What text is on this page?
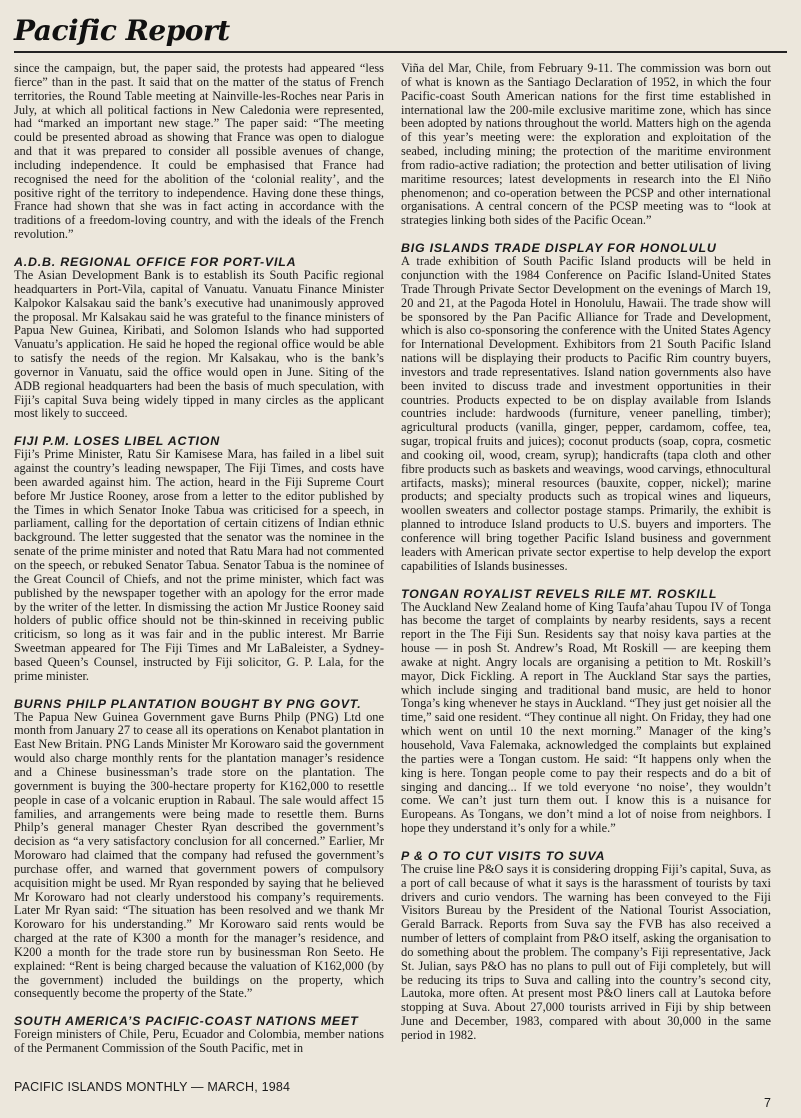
Pacific Report

since the campaign, but, the paper said, the protests had appeared “less fierce” than in the past. It said that on the matter of the status of French territories, the Round Table meeting at Nainville-les-Roches near Paris in July, at which all political factions in New Caledonia were represented, had “marked an important new stage.” The paper said: “The meeting could be presented abroad as showing that France was open to dialogue and that it was prepared to consider all possible avenues of change, including independence. It could be emphasised that France had recognised the need for the abolition of the ‘colonial reality’, and the positive right of the territory to independence. Having done these things, France had shown that she was in fact acting in accordance with the traditions of a freedom-loving country, and with the ideals of the French revolution.”

A.D.B. REGIONAL OFFICE FOR PORT-VILA

The Asian Development Bank is to establish its South Pacific regional headquarters in Port-Vila, capital of Vanuatu. Vanuatu Finance Minister Kalpokor Kalsakau said the bank’s executive had unanimously approved the proposal. Mr Kalsakau said he was grateful to the finance ministers of Papua New Guinea, Kiribati, and Solomon Islands who had supported Vanuatu’s application. He said he hoped the regional office would be able to satisfy the needs of the region. Mr Kalsakau, who is the bank’s governor in Vanuatu, said the office would open in June. Siting of the ADB regional headquarters had been the basis of much speculation, with Fiji’s capital Suva being widely tipped in many circles as the applicant most likely to succeed.

FIJI P.M. LOSES LIBEL ACTION

Fiji’s Prime Minister, Ratu Sir Kamisese Mara, has failed in a libel suit against the country’s leading newspaper, The Fiji Times, and costs have been awarded against him. The action, heard in the Fiji Supreme Court before Mr Justice Rooney, arose from a letter to the editor published by the Times in which Senator Inoke Tabua was criticised for a speech, in parliament, calling for the deportation of certain citizens of Indian ethnic background. The letter suggested that the senator was the nominee in the senate of the prime minister and noted that Ratu Mara had not commented on the speech, or rebuked Senator Tabua. Senator Tabua is the nominee of the Great Council of Chiefs, and not the prime minister, which fact was published by the newspaper together with an apology for the error made by the writer of the letter. In dismissing the action Mr Justice Rooney said holders of public office should not be thin-skinned in receiving public criticism, so long as it was fair and in the public interest. Mr Barrie Sweetman appeared for The Fiji Times and Mr LaBaleister, a Sydney-based Queen’s Counsel, instructed by Fiji solicitor, G. P. Lala, for the prime minister.

BURNS PHILP PLANTATION BOUGHT BY PNG GOVT.

The Papua New Guinea Government gave Burns Philp (PNG) Ltd one month from January 27 to cease all its operations on Kenabot plantation in East New Britain. PNG Lands Minister Mr Korowaro said the government would also charge monthly rents for the plantation manager’s residence and a Chinese businessman’s trade store on the plantation. The government is buying the 300-hectare property for K162,000 to resettle people in case of a volcanic eruption in Rabaul. The sale would affect 15 families, and arrangements were being made to resettle them. Burns Philp’s general manager Chester Ryan described the government’s decision as “a very satisfactory conclusion for all concerned.” Earlier, Mr Morowaro had claimed that the company had refused the government’s purchase offer, and warned that government powers of compulsory acquisition might be used. Mr Ryan responded by saying that he believed Mr Korowaro had not clearly understood his company’s requirements. Later Mr Ryan said: “The situation has been resolved and we thank Mr Korowaro for his understanding.” Mr Korowaro said rents would be charged at the rate of K300 a month for the manager’s residence, and K200 a month for the trade store run by businessman Ron Seeto. He explained: “Rent is being charged because the valuation of K162,000 (by the government) included the buildings on the property, which consequently become the property of the State.”

SOUTH AMERICA’S PACIFIC-COAST NATIONS MEET

Foreign ministers of Chile, Peru, Ecuador and Colombia, member nations of the Permanent Commission of the South Pacific, met in

Viña del Mar, Chile, from February 9-11. The commission was born out of what is known as the Santiago Declaration of 1952, in which the four Pacific-coast South American nations for the first time established in international law the 200-mile exclusive maritime zone, which has since been adopted by nations throughout the world. Matters high on the agenda of this year’s meeting were: the exploration and exploitation of the seabed, including mining; the protection of the maritime environment from radio-active radiation; the protection and better utilisation of living maritime resources; latest developments in research into the El Niño phenomenon; and co-operation between the PCSP and other international organisations. A central concern of the PCSP meeting was to “look at strategies linking both sides of the Pacific Ocean.”

BIG ISLANDS TRADE DISPLAY FOR HONOLULU

A trade exhibition of South Pacific Island products will be held in conjunction with the 1984 Conference on Pacific Island-United States Trade Through Private Sector Development on the evenings of March 19, 20 and 21, at the Pagoda Hotel in Honolulu, Hawaii. The trade show will be sponsored by the Pan Pacific Alliance for Trade and Development, which is also co-sponsoring the conference with the United States Agency for International Development. Exhibitors from 21 South Pacific Island nations will be displaying their products to Pacific Rim country buyers, investors and trade representatives. Island nation governments also have been invited to discuss trade and investment opportunities in their countries. Products expected to be on display available from Islands countries include: hardwoods (furniture, veneer panelling, timber); agricultural products (vanilla, ginger, pepper, cardamom, coffee, tea, sugar, tropical fruits and juices); coconut products (soap, copra, cosmetic and cooking oil, wood, cream, syrup); handicrafts (tapa cloth and other fibre products such as baskets and weavings, wood carvings, ethnocultural artifacts, masks); mineral resources (bauxite, copper, nickel); marine products; and specialty products such as tropical wines and liqueurs, woollen sweaters and collector postage stamps. Primarily, the exhibit is planned to introduce Island products to U.S. buyers and importers. The conference will bring together Pacific Island business and government leaders with American private sector expertise to help develop the export capabilities of Islands businesses.

TONGAN ROYALIST REVELS RILE MT. ROSKILL

The Auckland New Zealand home of King Taufa’ahau Tupou IV of Tonga has become the target of complaints by nearby residents, says a recent report in the The Fiji Sun. Residents say that noisy kava parties at the house — in posh St. Andrew’s Road, Mt Roskill — are keeping them awake at night. Angry locals are organising a petition to Mt. Roskill’s mayor, Dick Fickling. A report in The Auckland Star says the parties, which include singing and traditional band music, are held to honor Tonga’s king whenever he stays in Auckland. “They just get noisier all the time,” said one resident. “They continue all night. On Friday, they had one which went on until 10 the next morning.” Manager of the king’s household, Vava Falemaka, acknowledged the complaints but explained the parties were a Tongan custom. He said: “It happens only when the king is here. Tongan people come to pay their respects and do a bit of singing and dancing... If we told everyone ‘no noise’, they wouldn’t come. We can’t just turn them out. I know this is a nuisance for Europeans. As Tongans, we don’t mind a lot of noise from neighbors. I hope they understand it’s only for a while.”

P & O TO CUT VISITS TO SUVA

The cruise line P&O says it is considering dropping Fiji’s capital, Suva, as a port of call because of what it says is the harassment of tourists by taxi drivers and curio vendors. The warning has been conveyed to the Fiji Visitors Bureau by the President of the National Tourist Association, Gerald Barrack. Reports from Suva say the FVB has also received a number of letters of complaint from P&O itself, asking the organisation to do something about the problem. The company’s Fiji representative, Jack St. Julian, says P&O has no plans to pull out of Fiji completely, but will be reducing its trips to Suva and calling into the country’s second city, Lautoka, more often. At present most P&O liners call at Lautoka before stopping at Suva. About 27,000 tourists arrived in Fiji by ship between June and December, 1983, compared with about 30,000 in the same period in 1982.

PACIFIC ISLANDS MONTHLY — MARCH, 1984
7
